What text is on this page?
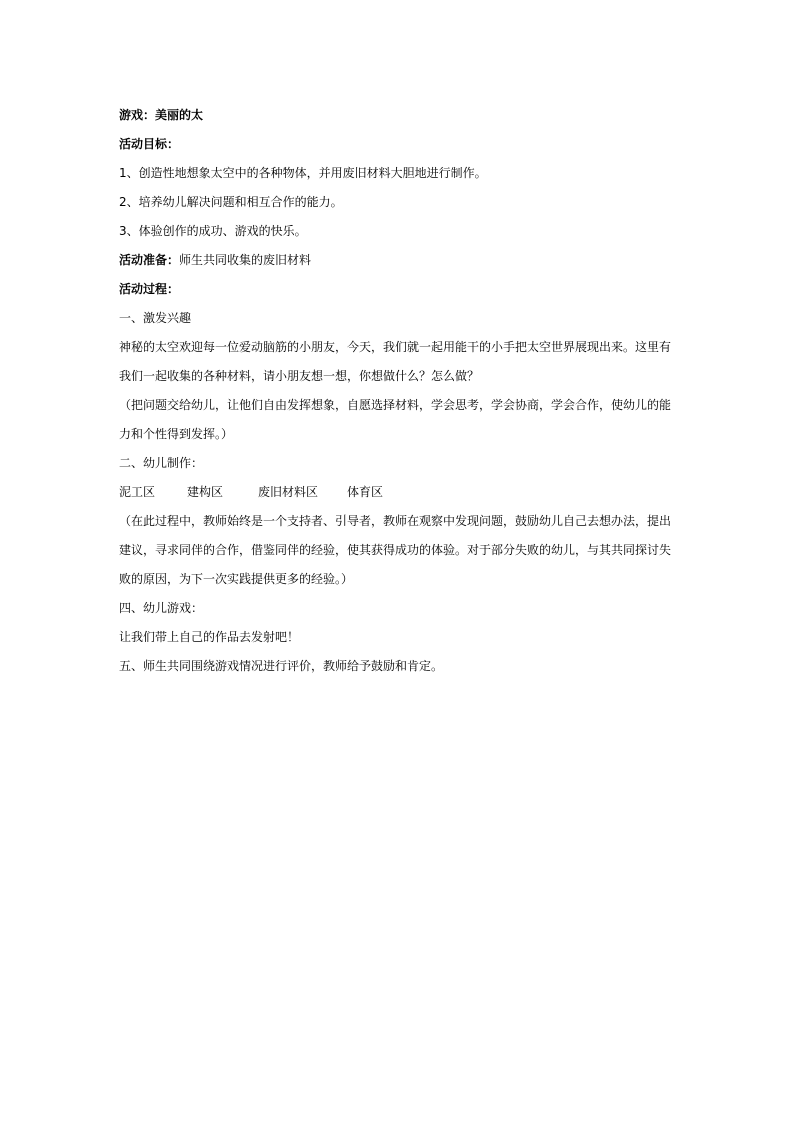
游戏：美丽的太

活动目标：

1、创造性地想象太空中的各种物体，并用废旧材料大胆地进行制作。

2、培养幼儿解决问题和相互合作的能力。

3、体验创作的成功、游戏的快乐。

活动准备：师生共同收集的废旧材料

活动过程：

一、激发兴趣

神秘的太空欢迎每一位爱动脑筋的小朋友，今天，我们就一起用能干的小手把太空世界展现出来。这里有

我们一起收集的各种材料，请小朋友想一想，你想做什么？怎么做？

（把问题交给幼儿，让他们自由发挥想象，自愿选择材料，学会思考，学会协商，学会合作，使幼儿的能

力和个性得到发挥。）

二、幼儿制作：

泥工区	建构区	废旧材料区 体育区

（在此过程中，教师始终是一个支持者、引导者，教师在观察中发现问题，鼓励幼儿自己去想办法，提出

建议，寻求同伴的合作，借鉴同伴的经验，使其获得成功的体验。对于部分失败的幼儿，与其共同探讨失

败的原因，为下一次实践提供更多的经验。）

四、幼儿游戏：

让我们带上自己的作品去发射吧！

五、师生共同围绕游戏情况进行评价，教师给予鼓励和肯定。
